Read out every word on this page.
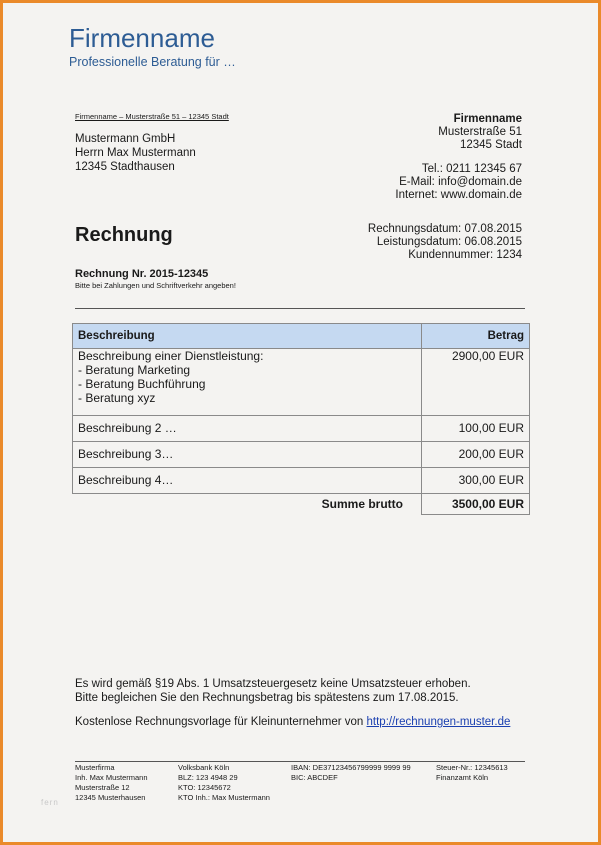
Firmenname
Professionelle Beratung für …
Firmenname – Musterstraße 51 – 12345 Stadt
Mustermann GmbH
Herrn Max Mustermann
12345 Stadthausen
Firmenname
Musterstraße 51
12345 Stadt
Tel.: 0211 12345 67
E-Mail: info@domain.de
Internet: www.domain.de
Rechnungsdatum: 07.08.2015
Leistungsdatum: 06.08.2015
Kundennummer: 1234
Rechnung
Rechnung Nr. 2015-12345
Bitte bei Zahlungen und Schriftverkehr angeben!
Beschreibung	Betrag

Beschreibung einer Dienstleistung:
- Beratung Marketing
- Beratung Buchführung
- Beratung xyz	2900,00 EUR
Beschreibung 2 …	100,00 EUR
Beschreibung 3…	200,00 EUR
Beschreibung 4…	300,00 EUR
Summe brutto	3500,00 EUR
Es wird gemäß §19 Abs. 1 Umsatzsteuergesetz keine Umsatzsteuer erhoben.
Bitte begleichen Sie den Rechnungsbetrag bis spätestens zum 17.08.2015.
Kostenlose Rechnungsvorlage für Kleinunternehmer von http://rechnungen-muster.de
Musterfirma
Inh. Max Mustermann
Musterstraße 12
12345 Musterhausen
Volksbank Köln
BLZ: 123 4948 29
KTO: 12345672
KTO Inh.: Max Mustermann
IBAN: DE37123456799999 9999 99
BIC: ABCDEF
Steuer-Nr.: 12345613
Finanzamt Köln
fern
